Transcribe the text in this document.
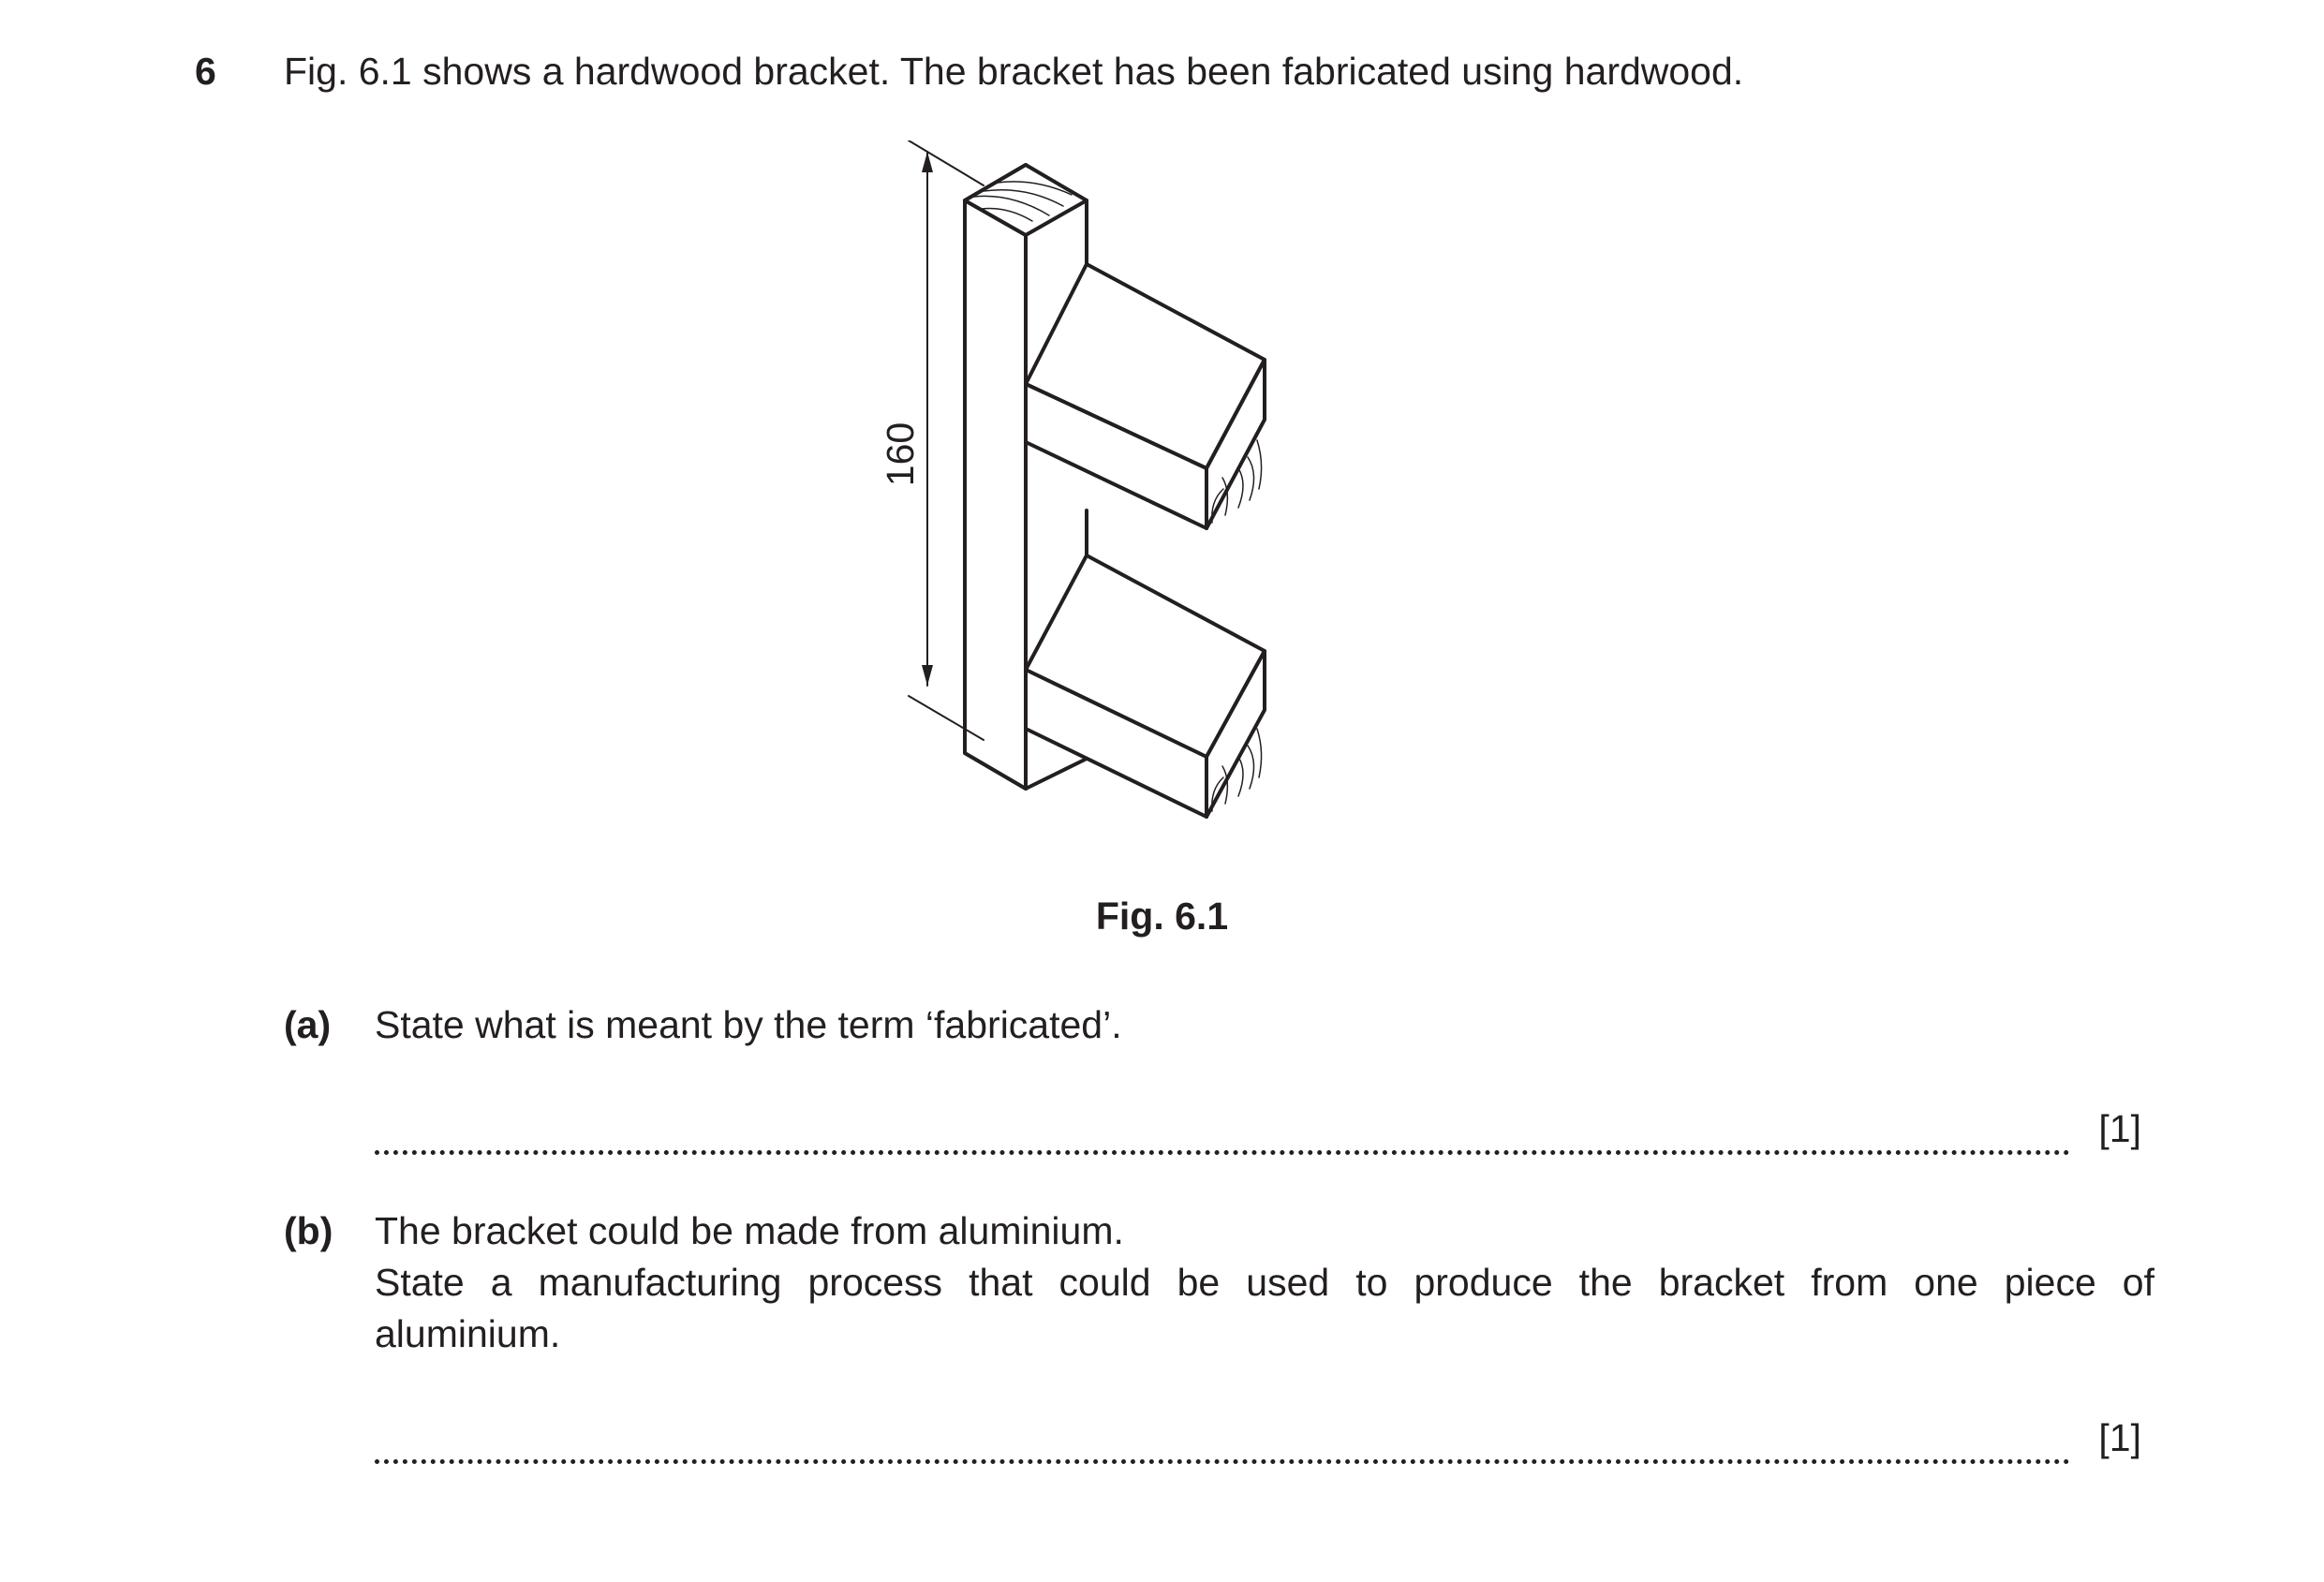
6 Fig. 6.1 shows a hardwood bracket. The bracket has been fabricated using hardwood.
160
Fig. 6.1
(a) State what is meant by the term ‘fabricated’.
[1]
(b) The bracket could be made from aluminium.
State a manufacturing process that could be used to produce the bracket from one piece of
aluminium.
[1]
